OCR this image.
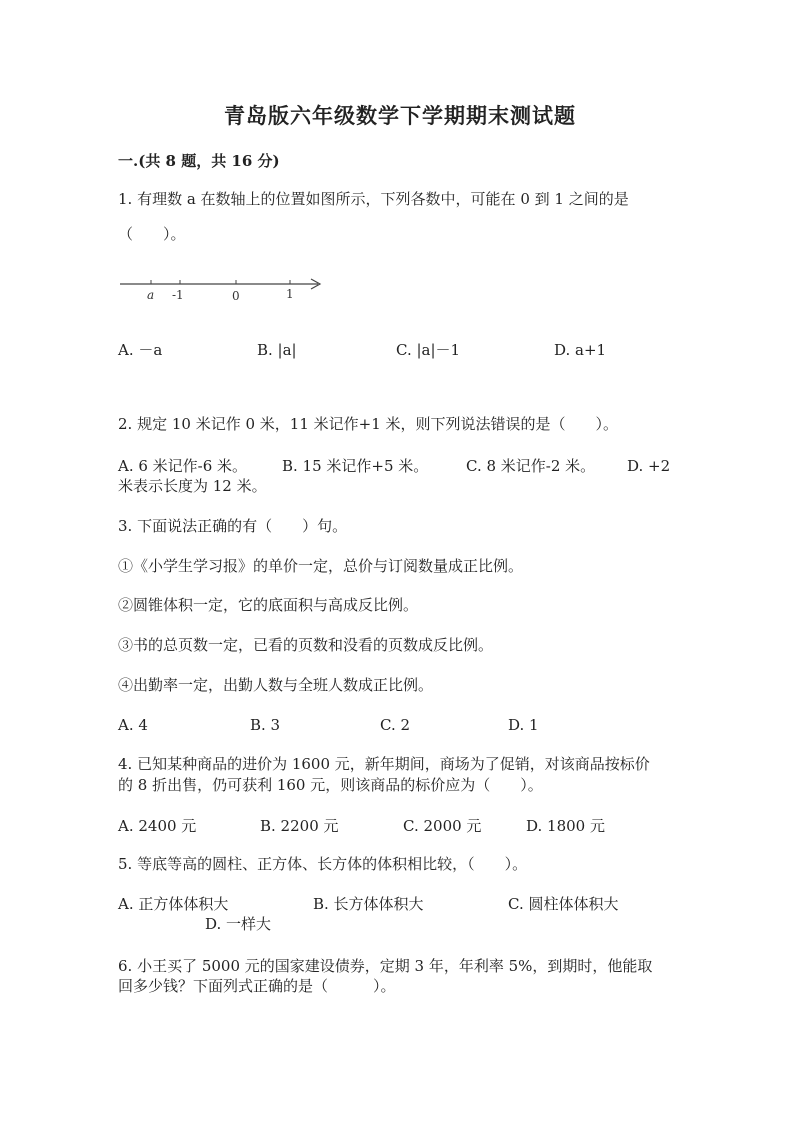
青岛版六年级数学下学期期末测试题
一.(共 8 题，共 16 分)
1. 有理数 a 在数轴上的位置如图所示，下列各数中，可能在 0 到 1 之间的是
（　　）。
a -1	0	1
A. －a	B. |a|	C. |a|－1	D. a+1
2. 规定 10 米记作 0 米，11 米记作+1 米，则下列说法错误的是（　　）。
A. 6 米记作-6 米。 B. 15 米记作+5 米。	C. 8 米记作-2 米。 D. +2
米表示长度为 12 米。
3. 下面说法正确的有（　　）句。
①《小学生学习报》的单价一定，总价与订阅数量成正比例。
②圆锥体积一定，它的底面积与高成反比例。
③书的总页数一定，已看的页数和没看的页数成反比例。
④出勤率一定，出勤人数与全班人数成正比例。
A. 4	B. 3	C. 2	D. 1
4. 已知某种商品的进价为 1600 元，新年期间，商场为了促销，对该商品按标价
的 8 折出售，仍可获利 160 元，则该商品的标价应为（　　）。
A. 2400 元	B. 2200 元	C. 2000 元	D. 1800 元
5. 等底等高的圆柱、正方体、长方体的体积相比较，（　　）。
A. 正方体体积大	B. 长方体体积大	C. 圆柱体体积大
D. 一样大
6. 小王买了 5000 元的国家建设债券，定期 3 年，年利率 5%，到期时，他能取
回多少钱？下面列式正确的是（　　　）。
